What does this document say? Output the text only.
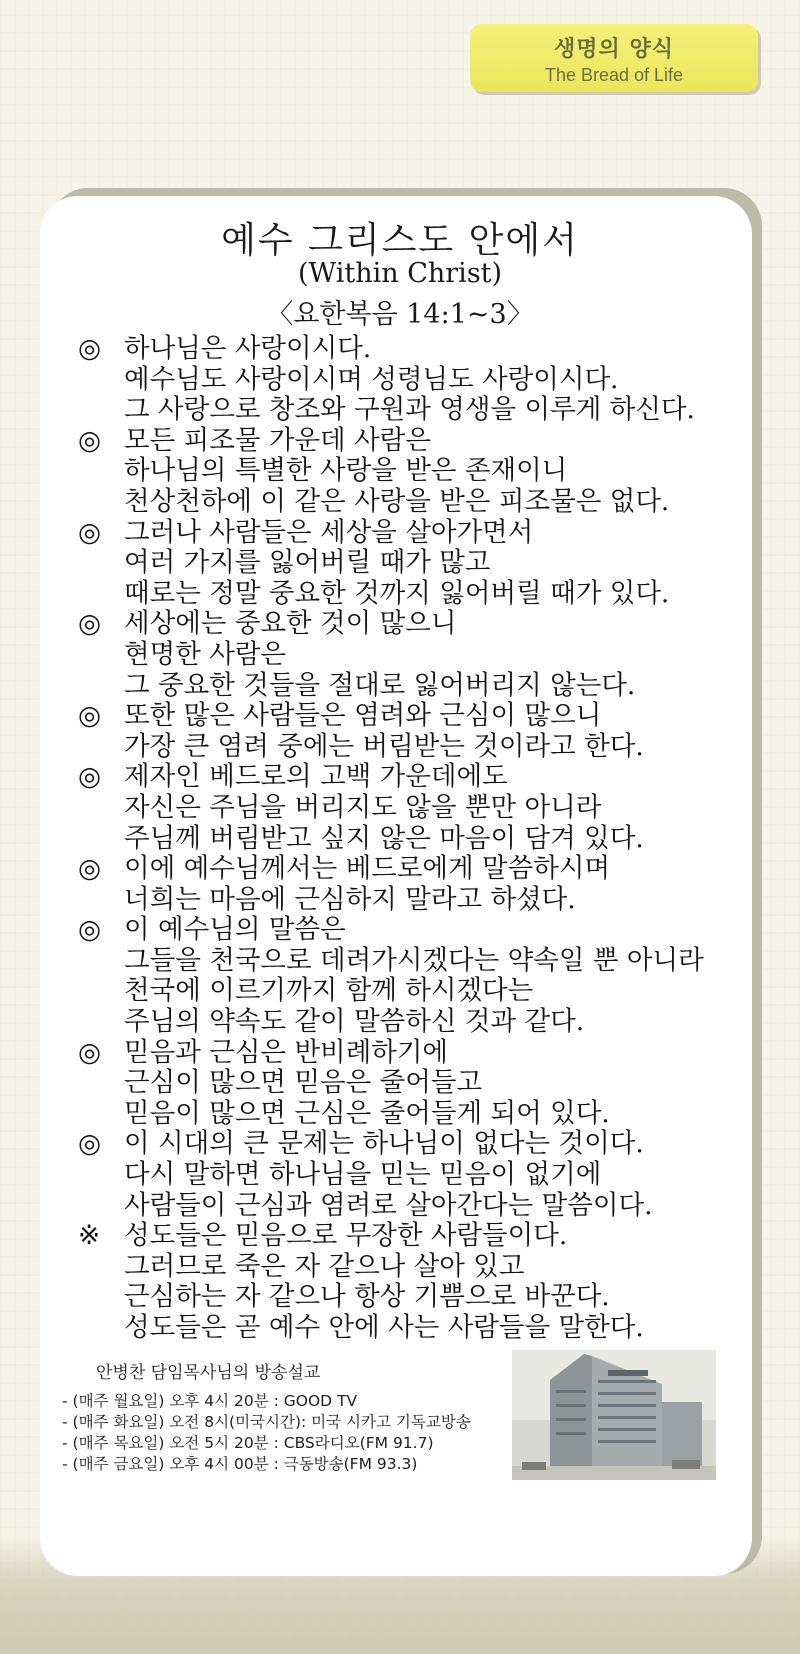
생명의 양식
The Bread of Life
예수 그리스도 안에서
(Within Christ)
〈요한복음 14:1~3〉
◎ 하나님은 사랑이시다.
예수님도 사랑이시며 성령님도 사랑이시다.
그 사랑으로 창조와 구원과 영생을 이루게 하신다.
◎ 모든 피조물 가운데 사람은
하나님의 특별한 사랑을 받은 존재이니
천상천하에 이 같은 사랑을 받은 피조물은 없다.
◎ 그러나 사람들은 세상을 살아가면서
여러 가지를 잃어버릴 때가 많고
때로는 정말 중요한 것까지 잃어버릴 때가 있다.
◎ 세상에는 중요한 것이 많으니
현명한 사람은
그 중요한 것들을 절대로 잃어버리지 않는다.
◎ 또한 많은 사람들은 염려와 근심이 많으니
가장 큰 염려 중에는 버림받는 것이라고 한다.
◎ 제자인 베드로의 고백 가운데에도
자신은 주님을 버리지도 않을 뿐만 아니라
주님께 버림받고 싶지 않은 마음이 담겨 있다.
◎ 이에 예수님께서는 베드로에게 말씀하시며
너희는 마음에 근심하지 말라고 하셨다.
◎ 이 예수님의 말씀은
그들을 천국으로 데려가시겠다는 약속일 뿐 아니라
천국에 이르기까지 함께 하시겠다는
주님의 약속도 같이 말씀하신 것과 같다.
◎ 믿음과 근심은 반비례하기에
근심이 많으면 믿음은 줄어들고
믿음이 많으면 근심은 줄어들게 되어 있다.
◎ 이 시대의 큰 문제는 하나님이 없다는 것이다.
다시 말하면 하나님을 믿는 믿음이 없기에
사람들이 근심과 염려로 살아간다는 말씀이다.
※ 성도들은 믿음으로 무장한 사람들이다.
그러므로 죽은 자 같으나 살아 있고
근심하는 자 같으나 항상 기쁨으로 바꾼다.
성도들은 곧 예수 안에 사는 사람들을 말한다.
안병찬 담임목사님의 방송설교
- (매주 월요일) 오후 4시 20분 : GOOD TV
- (매주 화요일) 오전 8시(미국시간): 미국 시카고 기독교방송
- (매주 목요일) 오전 5시 20분 : CBS라디오(FM 91.7)
- (매주 금요일) 오후 4시 00분 : 극동방송(FM 93.3)
